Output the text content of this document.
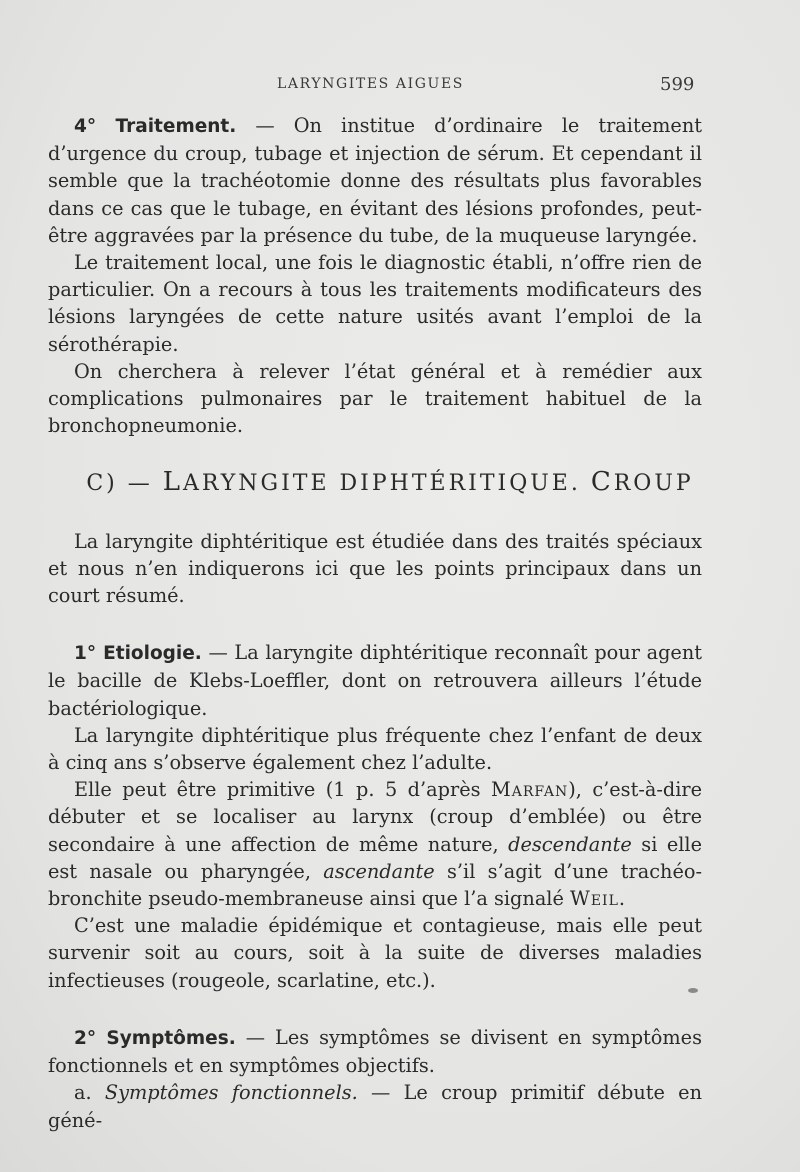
LARYNGITES AIGUES	599

4° Traitement. — On institue d’ordinaire le traitement d’urgence du croup, tubage et injection de sérum. Et cependant il semble que la trachéotomie donne des résultats plus favorables dans ce cas que le tubage, en évitant des lésions profondes, peut-être aggravées par la présence du tube, de la muqueuse laryngée.

Le traitement local, une fois le diagnostic établi, n’offre rien de particulier. On a recours à tous les traitements modificateurs des lésions laryngées de cette nature usités avant l’emploi de la sérothérapie.

On cherchera à relever l’état général et à remédier aux complications pulmonaires par le traitement habituel de la bronchopneumonie.

C) — LARYNGITE DIPHTÉRITIQUE. CROUP

La laryngite diphtéritique est étudiée dans des traités spéciaux et nous n’en indiquerons ici que les points principaux dans un court résumé.

1° Etiologie. — La laryngite diphtéritique reconnaît pour agent le bacille de Klebs-Loeffler, dont on retrouvera ailleurs l’étude bactériologique.

La laryngite diphtéritique plus fréquente chez l’enfant de deux à cinq ans s’observe également chez l’adulte.

Elle peut être primitive (1 p. 5 d’après Marfan), c’est-à-dire débuter et se localiser au larynx (croup d’emblée) ou être secondaire à une affection de même nature, descendante si elle est nasale ou pharyngée, ascendante s’il s’agit d’une trachéo-bronchite pseudo-membraneuse ainsi que l’a signalé Weil.

C’est une maladie épidémique et contagieuse, mais elle peut survenir soit au cours, soit à la suite de diverses maladies infectieuses (rougeole, scarlatine, etc.).

2° Symptômes. — Les symptômes se divisent en symptômes fonctionnels et en symptômes objectifs.

a. Symptômes fonctionnels. — Le croup primitif débute en géné-
